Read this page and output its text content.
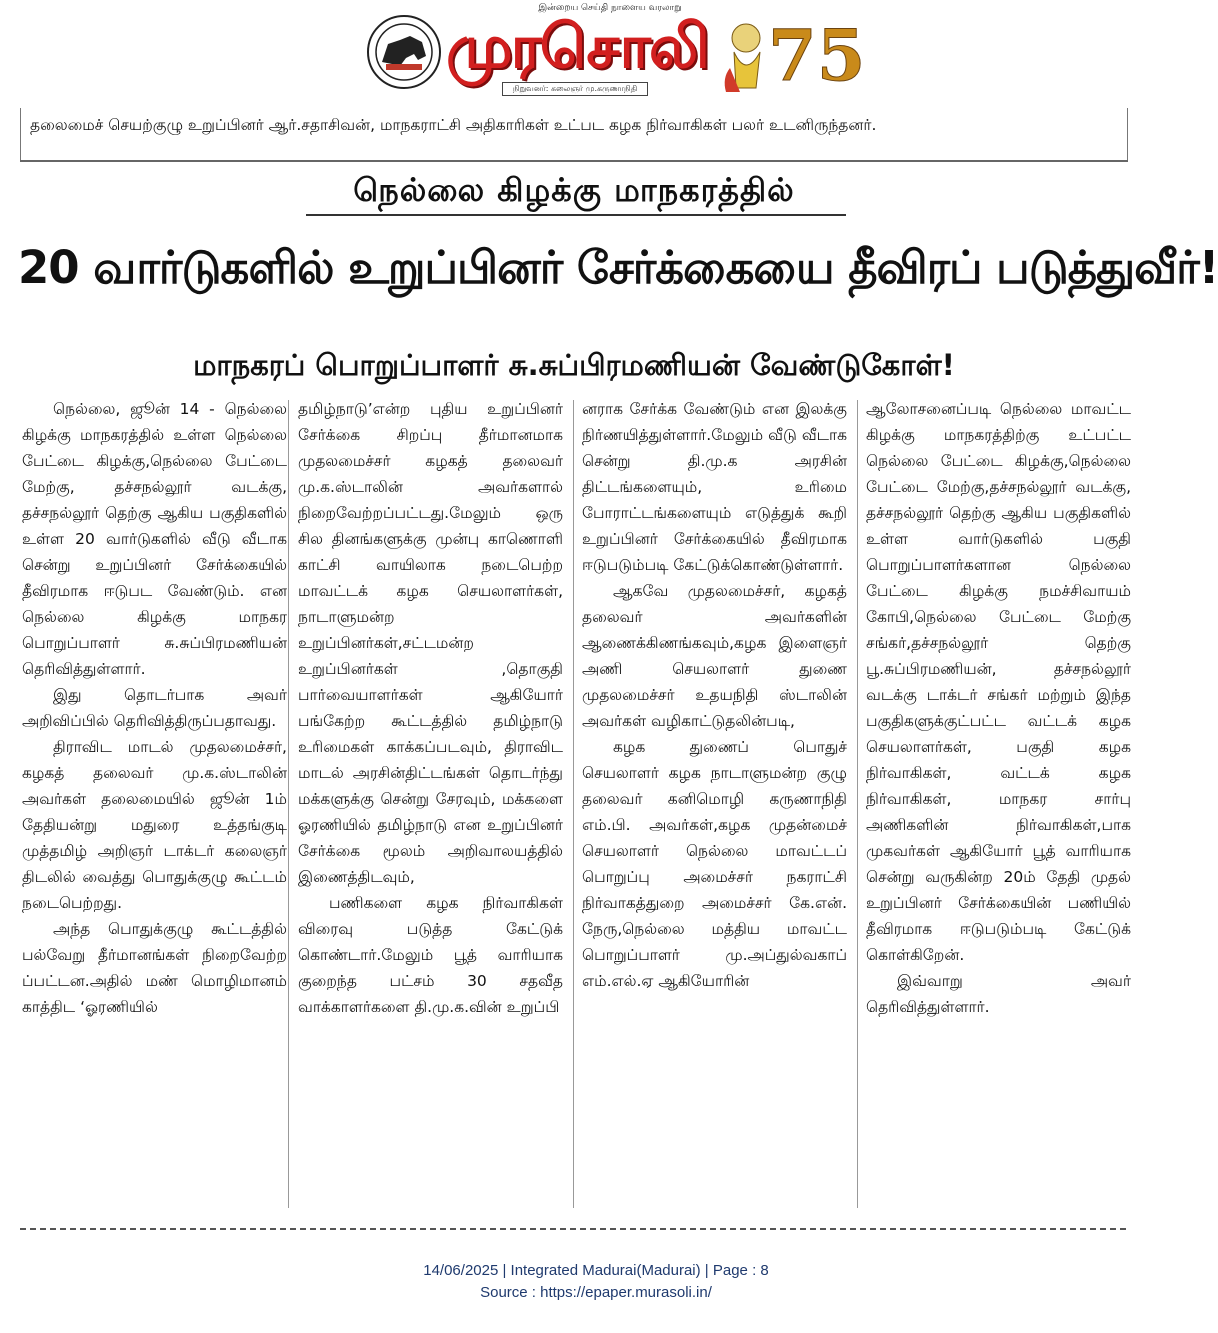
இன்றைய செய்தி நாளைய வரலாறு
முரசொலி
நிறுவனர்: கலைஞர் மு.கருணாநிதி 75
தலைமைச் செயற்குழு உறுப்பினர் ஆர்.சதாசிவன், மாநகராட்சி அதிகாரிகள் உட்பட கழக நிர்வாகிகள் பலர் உடனிருந்தனர்.
நெல்லை கிழக்கு மாநகரத்தில்
20 வார்டுகளில் உறுப்பினர் சேர்க்கையை தீவிரப் படுத்துவீர்!
மாநகரப் பொறுப்பாளர் சு.சுப்பிரமணியன் வேண்டுகோள்!

நெல்லை, ஜூன் 14 - நெல்லை கிழக்கு மாநகரத்தில் உள்ள நெல்லை பேட்டை கிழக்கு,நெல்லை பேட்டை மேற்கு, தச்சநல்லூர் வடக்கு, தச்சநல்லூர் தெற்கு ஆகிய பகுதிகளில் உள்ள 20 வார்டுகளில் வீடு வீடாக சென்று உறுப்பினர் சேர்க்கையில் தீவிரமாக ஈடுபட வேண்டும். என நெல்லை கிழக்கு மாநகர பொறுப்பாளர் சு.சுப்பிரமணியன் தெரிவித்துள்ளார்.

இது தொடர்பாக அவர் அறிவிப்பில் தெரிவித்திருப்பதாவது.

திராவிட மாடல் முதலமைச்சர், கழகத் தலைவர் மு.க.ஸ்டாலின் அவர்கள் தலைமையில் ஜூன் 1ம் தேதியன்று மதுரை உத்தங்குடி முத்தமிழ் அறிஞர் டாக்டர் கலைஞர் திடலில் வைத்து பொதுக்குழு கூட்டம் நடைபெற்றது.

அந்த பொதுக்குழு கூட்டத்தில் பல்வேறு தீர்மானங்கள் நிறைவேற்ற ப்பட்டன.அதில் மண் மொழிமானம் காத்திட ‘ஓரணியில்

தமிழ்நாடு’என்ற புதிய உறுப்பினர் சேர்க்கை சிறப்பு தீர்மானமாக முதலமைச்சர் கழகத் தலைவர் மு.க.ஸ்டாலின் அவர்களால் நிறைவேற்றப்பட்டது.மேலும் ஒரு சில தினங்களுக்கு முன்பு காணொளி காட்சி வாயிலாக நடைபெற்ற மாவட்டக் கழக செயலாளர்கள், நாடாளுமன்ற உறுப்பினர்கள்,சட்டமன்ற உறுப்பினர்கள் ,தொகுதி பார்வையாளர்கள் ஆகியோர் பங்கேற்ற கூட்டத்தில் தமிழ்நாடு உரிமைகள் காக்கப்படவும், திராவிட மாடல் அரசின்திட்டங்கள் தொடர்ந்து மக்களுக்கு சென்று சேரவும், மக்களை ஓரணியில் தமிழ்நாடு என உறுப்பினர் சேர்க்கை மூலம் அறிவாலயத்தில் இணைத்திடவும்,

பணிகளை கழக நிர்வாகிகள் விரைவு படுத்த கேட்டுக் கொண்டார்.மேலும் பூத் வாரியாக குறைந்த பட்சம் 30 சதவீத வாக்காளர்களை தி.மு.க.வின் உறுப்பி

னராக சேர்க்க வேண்டும் என இலக்கு நிர்ணயித்துள்ளார்.மேலும் வீடு வீடாக சென்று தி.மு.க அரசின் திட்டங்களையும், உரிமை போராட்டங்களையும் எடுத்துக் கூறி உறுப்பினர் சேர்க்கையில் தீவிரமாக ஈடுபடும்படி கேட்டுக்கொண்டுள்ளார்.

ஆகவே முதலமைச்சர், கழகத் தலைவர் அவர்களின் ஆணைக்கிணங்கவும்,கழக இளைஞர் அணி செயலாளர் துணை முதலமைச்சர் உதயநிதி ஸ்டாலின் அவர்கள் வழிகாட்டுதலின்படி,

கழக துணைப் பொதுச் செயலாளர் கழக நாடாளுமன்ற குழு தலைவர் கனிமொழி கருணாநிதி எம்.பி. அவர்கள்,கழக முதன்மைச் செயலாளர் நெல்லை மாவட்டப் பொறுப்பு அமைச்சர் நகராட்சி நிர்வாகத்துறை அமைச்சர் கே.என். நேரு,நெல்லை மத்திய மாவட்ட பொறுப்பாளர் மு.அப்துல்வகாப் எம்.எல்.ஏ ஆகியோரின்

ஆலோசனைப்படி நெல்லை மாவட்ட கிழக்கு மாநகரத்திற்கு உட்பட்ட நெல்லை பேட்டை கிழக்கு,நெல்லை பேட்டை மேற்கு,தச்சநல்லூர் வடக்கு, தச்சநல்லூர் தெற்கு ஆகிய பகுதிகளில் உள்ள வார்டுகளில் பகுதி பொறுப்பாளர்களான நெல்லை பேட்டை கிழக்கு நமச்சிவாயம் கோபி,நெல்லை பேட்டை மேற்கு சங்கர்,தச்சநல்லூர் தெற்கு பூ.சுப்பிரமணியன், தச்சநல்லூர் வடக்கு டாக்டர் சங்கர் மற்றும் இந்த பகுதிகளுக்குட்பட்ட வட்டக் கழக செயலாளர்கள், பகுதி கழக நிர்வாகிகள், வட்டக் கழக நிர்வாகிகள், மாநகர சார்பு அணிகளின் நிர்வாகிகள்,பாக முகவர்கள் ஆகியோர் பூத் வாரியாக சென்று வருகின்ற 20ம் தேதி முதல் உறுப்பினர் சேர்க்கையின் பணியில் தீவிரமாக ஈடுபடும்படி கேட்டுக் கொள்கிறேன்.

இவ்வாறு அவர் தெரிவித்துள்ளார்.

14/06/2025 | Integrated Madurai(Madurai) | Page : 8
Source : https://epaper.murasoli.in/
